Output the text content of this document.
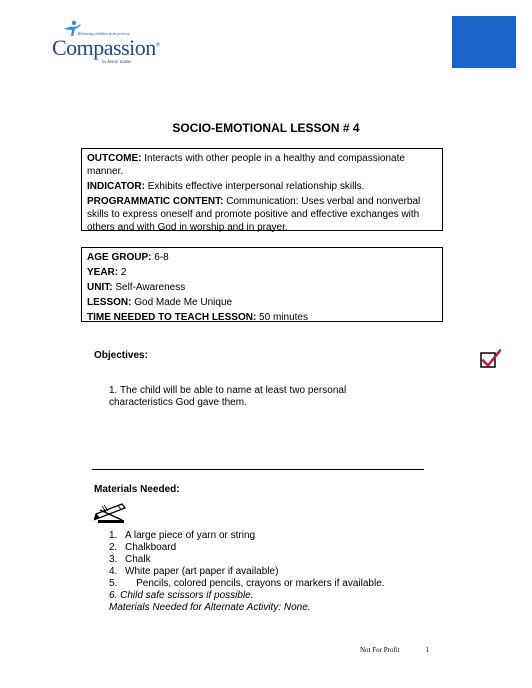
Releasing children from poverty
Compassion®
in Jesus' name
SOCIO-EMOTIONAL LESSON # 4

OUTCOME: Interacts with other people in a healthy and compassionate manner.

INDICATOR: Exhibits effective interpersonal relationship skills.

PROGRAMMATIC CONTENT: Communication: Uses verbal and nonverbal skills to express oneself and promote positive and effective exchanges with others and with God in worship and in prayer.

AGE GROUP: 6-8

YEAR: 2

UNIT: Self-Awareness

LESSON: God Made Me Unique

TIME NEEDED TO TEACH LESSON: 50 minutes

Objectives:
1. The child will be able to name at least two personal characteristics God gave them.
Materials Needed:
1. A large piece of yarn or string
2. Chalkboard
3. Chalk
4. White paper (art paper if available)
5.    Pencils, colored pencils, crayons or markers if available.
6. Child safe scissors if possible.
Materials Needed for Alternate Activity: None.
Not For Profit	1
